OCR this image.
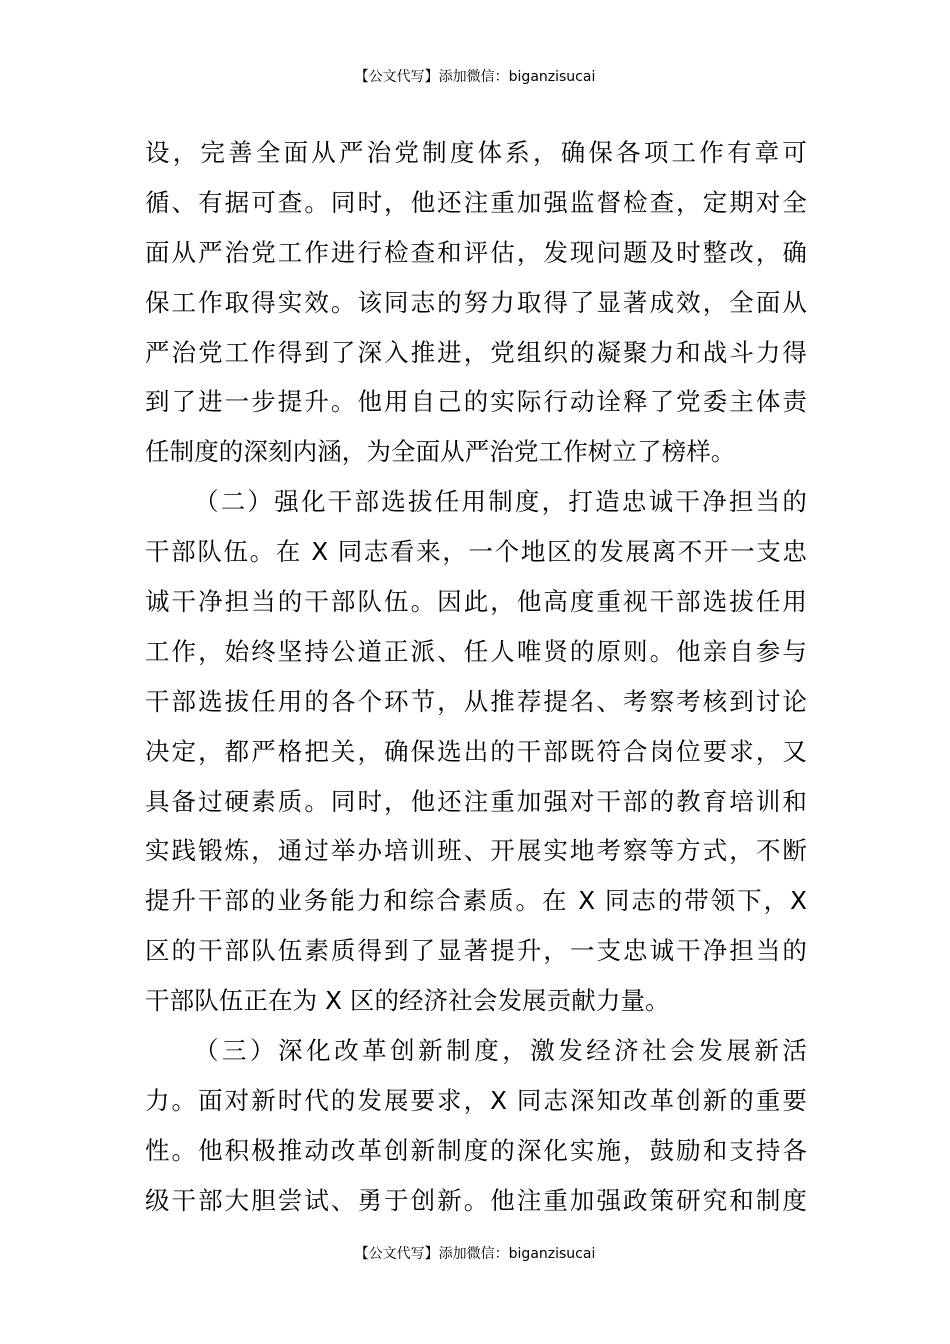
【公文代写】添加微信：biganzisucai
设，完善全面从严治党制度体系，确保各项工作有章可
循、有据可查。同时，他还注重加强监督检查，定期对全
面从严治党工作进行检查和评估，发现问题及时整改，确
保工作取得实效。该同志的努力取得了显著成效，全面从
严治党工作得到了深入推进，党组织的凝聚力和战斗力得
到了进一步提升。他用自己的实际行动诠释了党委主体责
任制度的深刻内涵，为全面从严治党工作树立了榜样。
（二）强化干部选拔任用制度，打造忠诚干净担当的
干部队伍。在 X 同志看来，一个地区的发展离不开一支忠
诚干净担当的干部队伍。因此，他高度重视干部选拔任用
工作，始终坚持公道正派、任人唯贤的原则。他亲自参与
干部选拔任用的各个环节，从推荐提名、考察考核到讨论
决定，都严格把关，确保选出的干部既符合岗位要求，又
具备过硬素质。同时，他还注重加强对干部的教育培训和
实践锻炼，通过举办培训班、开展实地考察等方式，不断
提升干部的业务能力和综合素质。在 X 同志的带领下，X
区的干部队伍素质得到了显著提升，一支忠诚干净担当的
干部队伍正在为 X 区的经济社会发展贡献力量。
（三）深化改革创新制度，激发经济社会发展新活
力。面对新时代的发展要求，X 同志深知改革创新的重要
性。他积极推动改革创新制度的深化实施，鼓励和支持各
级干部大胆尝试、勇于创新。他注重加强政策研究和制度
【公文代写】添加微信：biganzisucai
